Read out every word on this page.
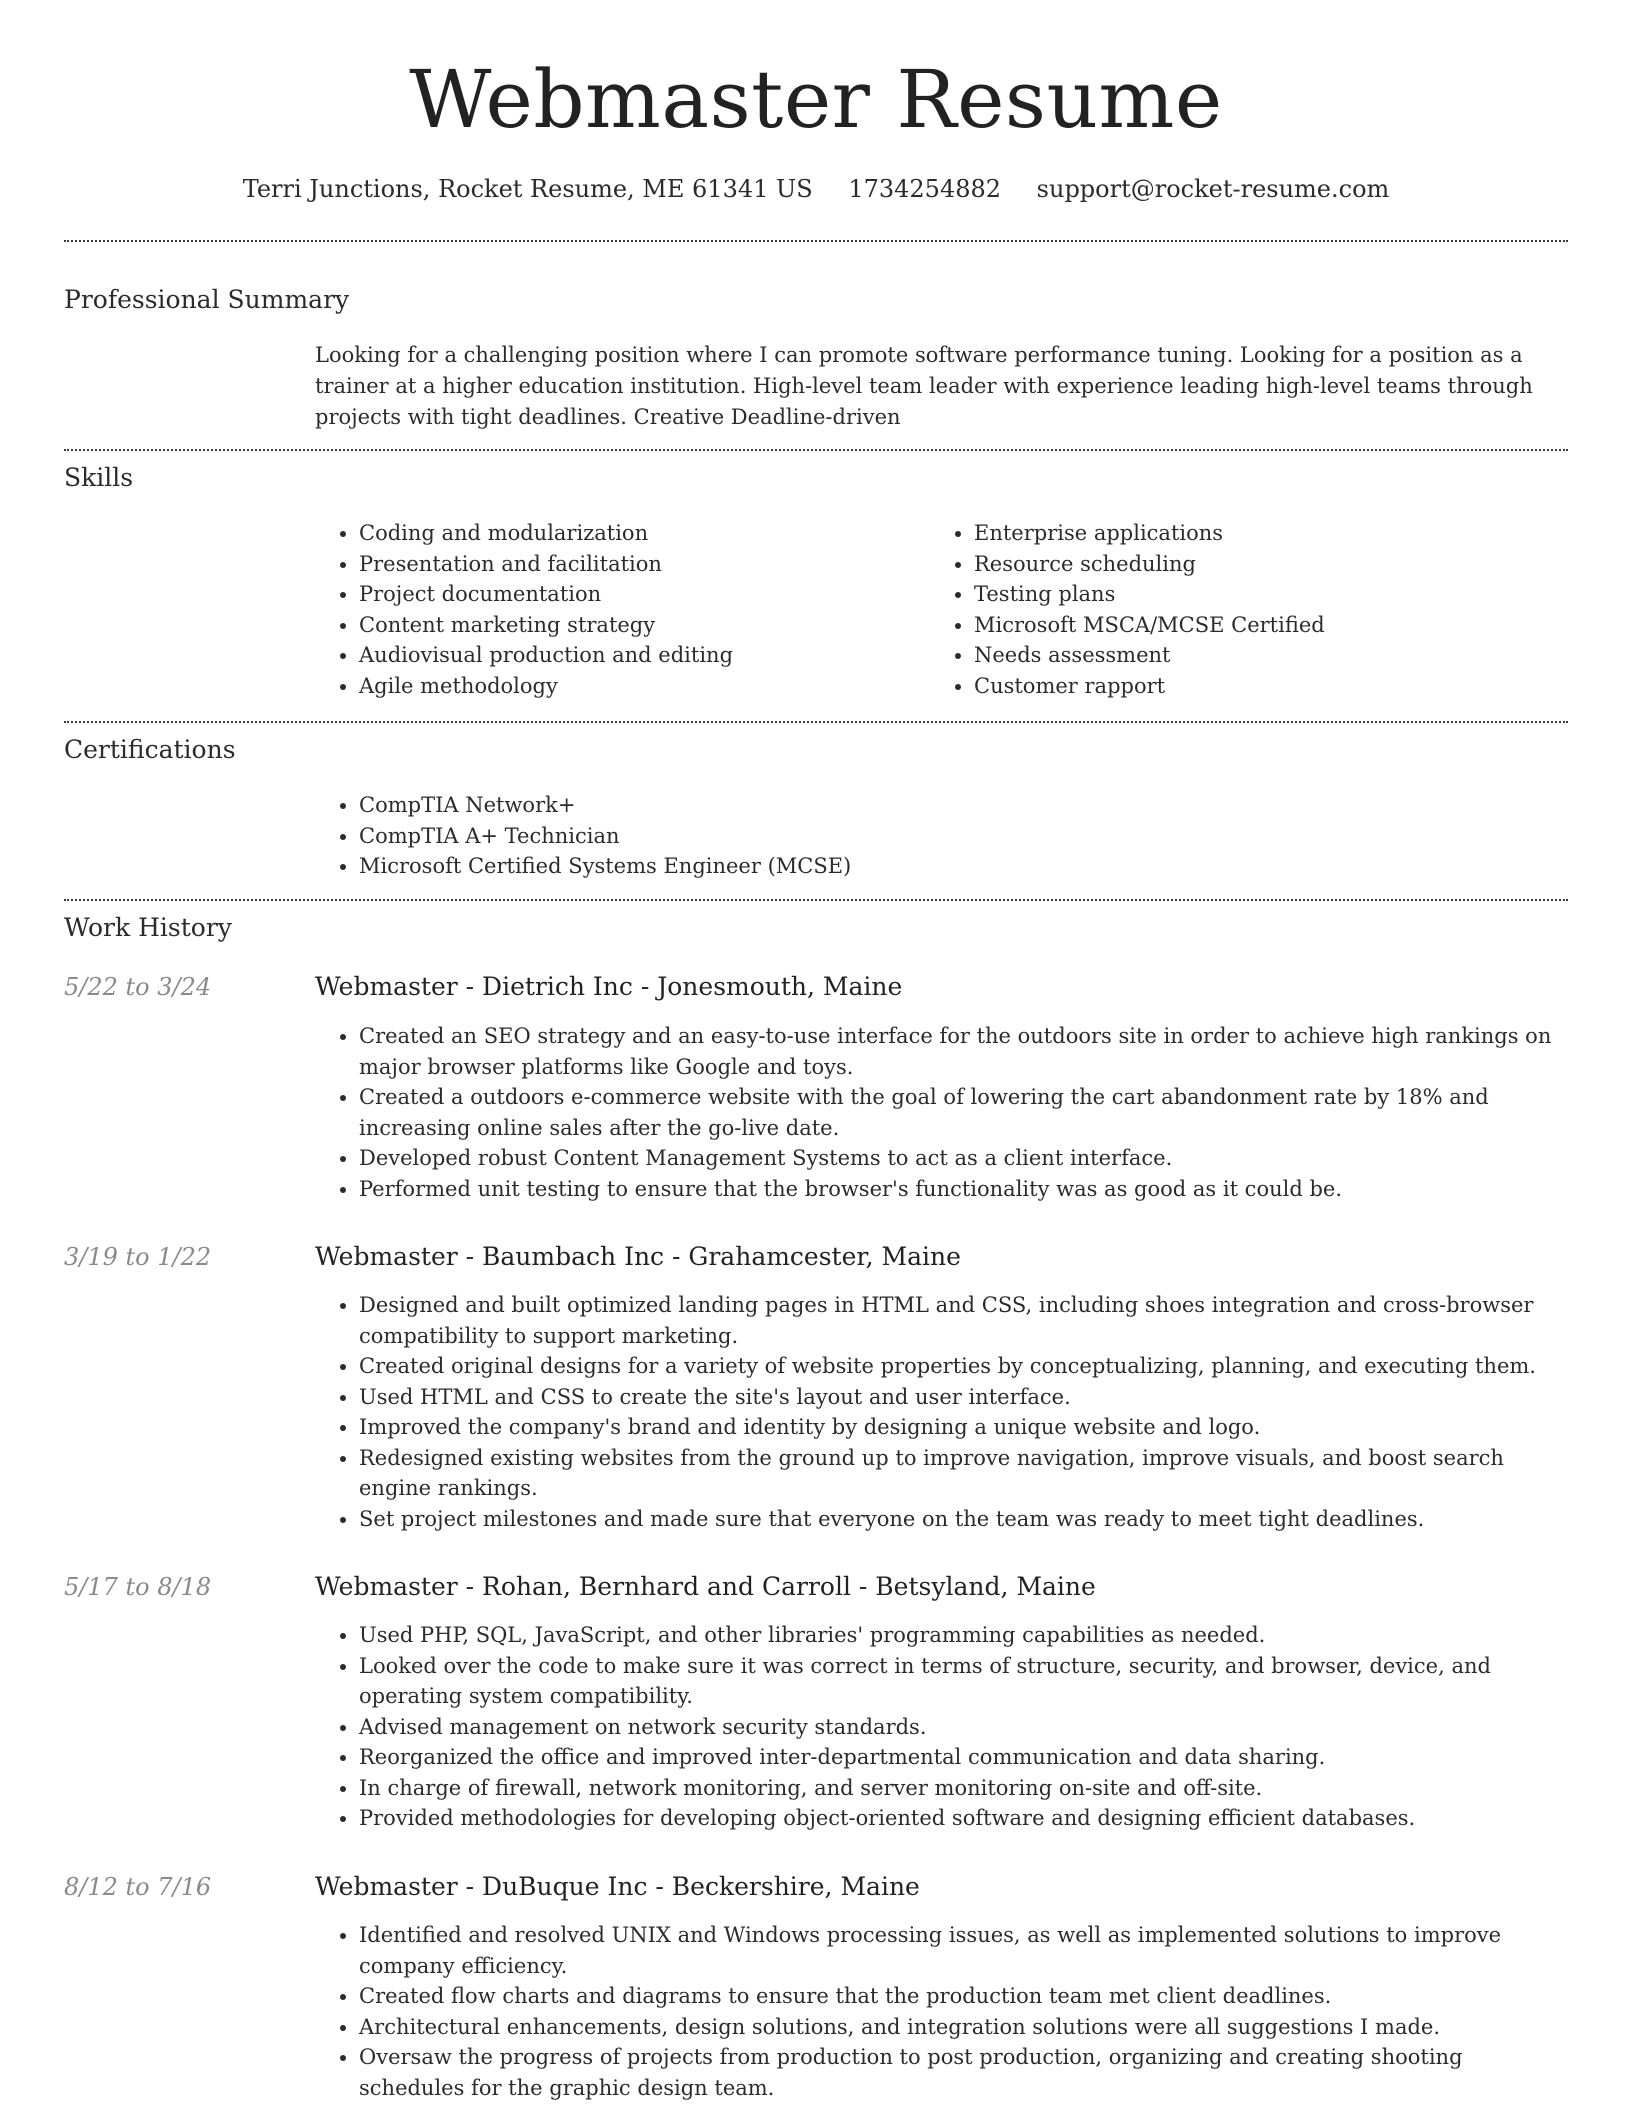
Webmaster Resume
Terri Junctions, Rocket Resume, ME 61341 US 1734254882 support@rocket-resume.com
Professional Summary
Looking for a challenging position where I can promote software performance tuning. Looking for a position as a trainer at a higher education institution. High-level team leader with experience leading high-level teams through projects with tight deadlines. Creative Deadline-driven
Skills
• Coding and modularization
• Presentation and facilitation
• Project documentation
• Content marketing strategy
• Audiovisual production and editing
• Agile methodology
• Enterprise applications
• Resource scheduling
• Testing plans
• Microsoft MSCA/MCSE Certified
• Needs assessment
• Customer rapport
Certifications
• CompTIA Network+
• CompTIA A+ Technician
• Microsoft Certified Systems Engineer (MCSE)
Work History
5/22 to 3/24	Webmaster - Dietrich Inc - Jonesmouth, Maine
• Created an SEO strategy and an easy-to-use interface for the outdoors site in order to achieve high rankings on major browser platforms like Google and toys.
• Created a outdoors e-commerce website with the goal of lowering the cart abandonment rate by 18% and increasing online sales after the go-live date.
• Developed robust Content Management Systems to act as a client interface.
• Performed unit testing to ensure that the browser's functionality was as good as it could be.
3/19 to 1/22	Webmaster - Baumbach Inc - Grahamcester, Maine
• Designed and built optimized landing pages in HTML and CSS, including shoes integration and cross-browser compatibility to support marketing.
• Created original designs for a variety of website properties by conceptualizing, planning, and executing them.
• Used HTML and CSS to create the site's layout and user interface.
• Improved the company's brand and identity by designing a unique website and logo.
• Redesigned existing websites from the ground up to improve navigation, improve visuals, and boost search engine rankings.
• Set project milestones and made sure that everyone on the team was ready to meet tight deadlines.
5/17 to 8/18	Webmaster - Rohan, Bernhard and Carroll - Betsyland, Maine
• Used PHP, SQL, JavaScript, and other libraries' programming capabilities as needed.
• Looked over the code to make sure it was correct in terms of structure, security, and browser, device, and operating system compatibility.
• Advised management on network security standards.
• Reorganized the office and improved inter-departmental communication and data sharing.
• In charge of firewall, network monitoring, and server monitoring on-site and off-site.
• Provided methodologies for developing object-oriented software and designing efficient databases.
8/12 to 7/16	Webmaster - DuBuque Inc - Beckershire, Maine
• Identified and resolved UNIX and Windows processing issues, as well as implemented solutions to improve company efficiency.
• Created flow charts and diagrams to ensure that the production team met client deadlines.
• Architectural enhancements, design solutions, and integration solutions were all suggestions I made.
• Oversaw the progress of projects from production to post production, organizing and creating shooting schedules for the graphic design team.
